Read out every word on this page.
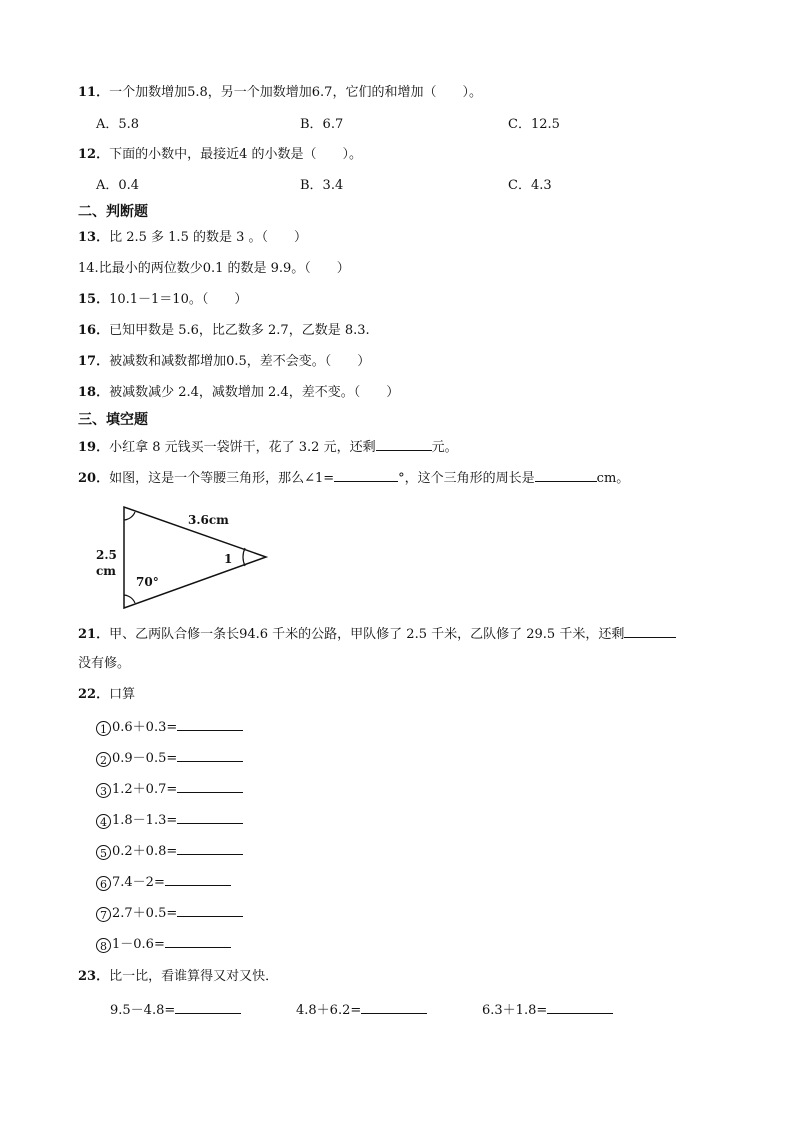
11．一个加数增加5.8，另一个加数增加6.7，它们的和增加（　　）。
A．5.8	B．6.7	C．12.5
12．下面的小数中，最接近4 的小数是（　　）。
A．0.4	B．3.4	C．4.3
二、判断题
13．比 2.5 多 1.5 的数是 3 。（　　）
14.比最小的两位数少0.1 的数是 9.9。（　　）
15．10.1－1＝10。（　　）
16．已知甲数是 5.6，比乙数多 2.7，乙数是 8.3.
17．被减数和减数都增加0.5，差不会变。（　　）
18．被减数减少 2.4，减数增加 2.4，差不变。（　　）
三、填空题
19．小红拿 8 元钱买一袋饼干，花了 3.2 元，还剩	元。
20．如图，这是一个等腰三角形，那么∠1=	°，这个三角形的周长是	cm。
3.6cm
2.5
cm
1
70°
21．甲、乙两队合修一条长94.6 千米的公路，甲队修了 2.5 千米，乙队修了 29.5 千米，还剩
没有修。
22．口算
1 0.6＋0.3=
2 0.9－0.5=
3 1.2＋0.7=
4 1.8－1.3=
5 0.2＋0.8=
6 7.4－2=
7 2.7＋0.5=
8 1－0.6=
23．比一比，看谁算得又对又快．
9.5－4.8=	4.8＋6.2=	6.3＋1.8=
